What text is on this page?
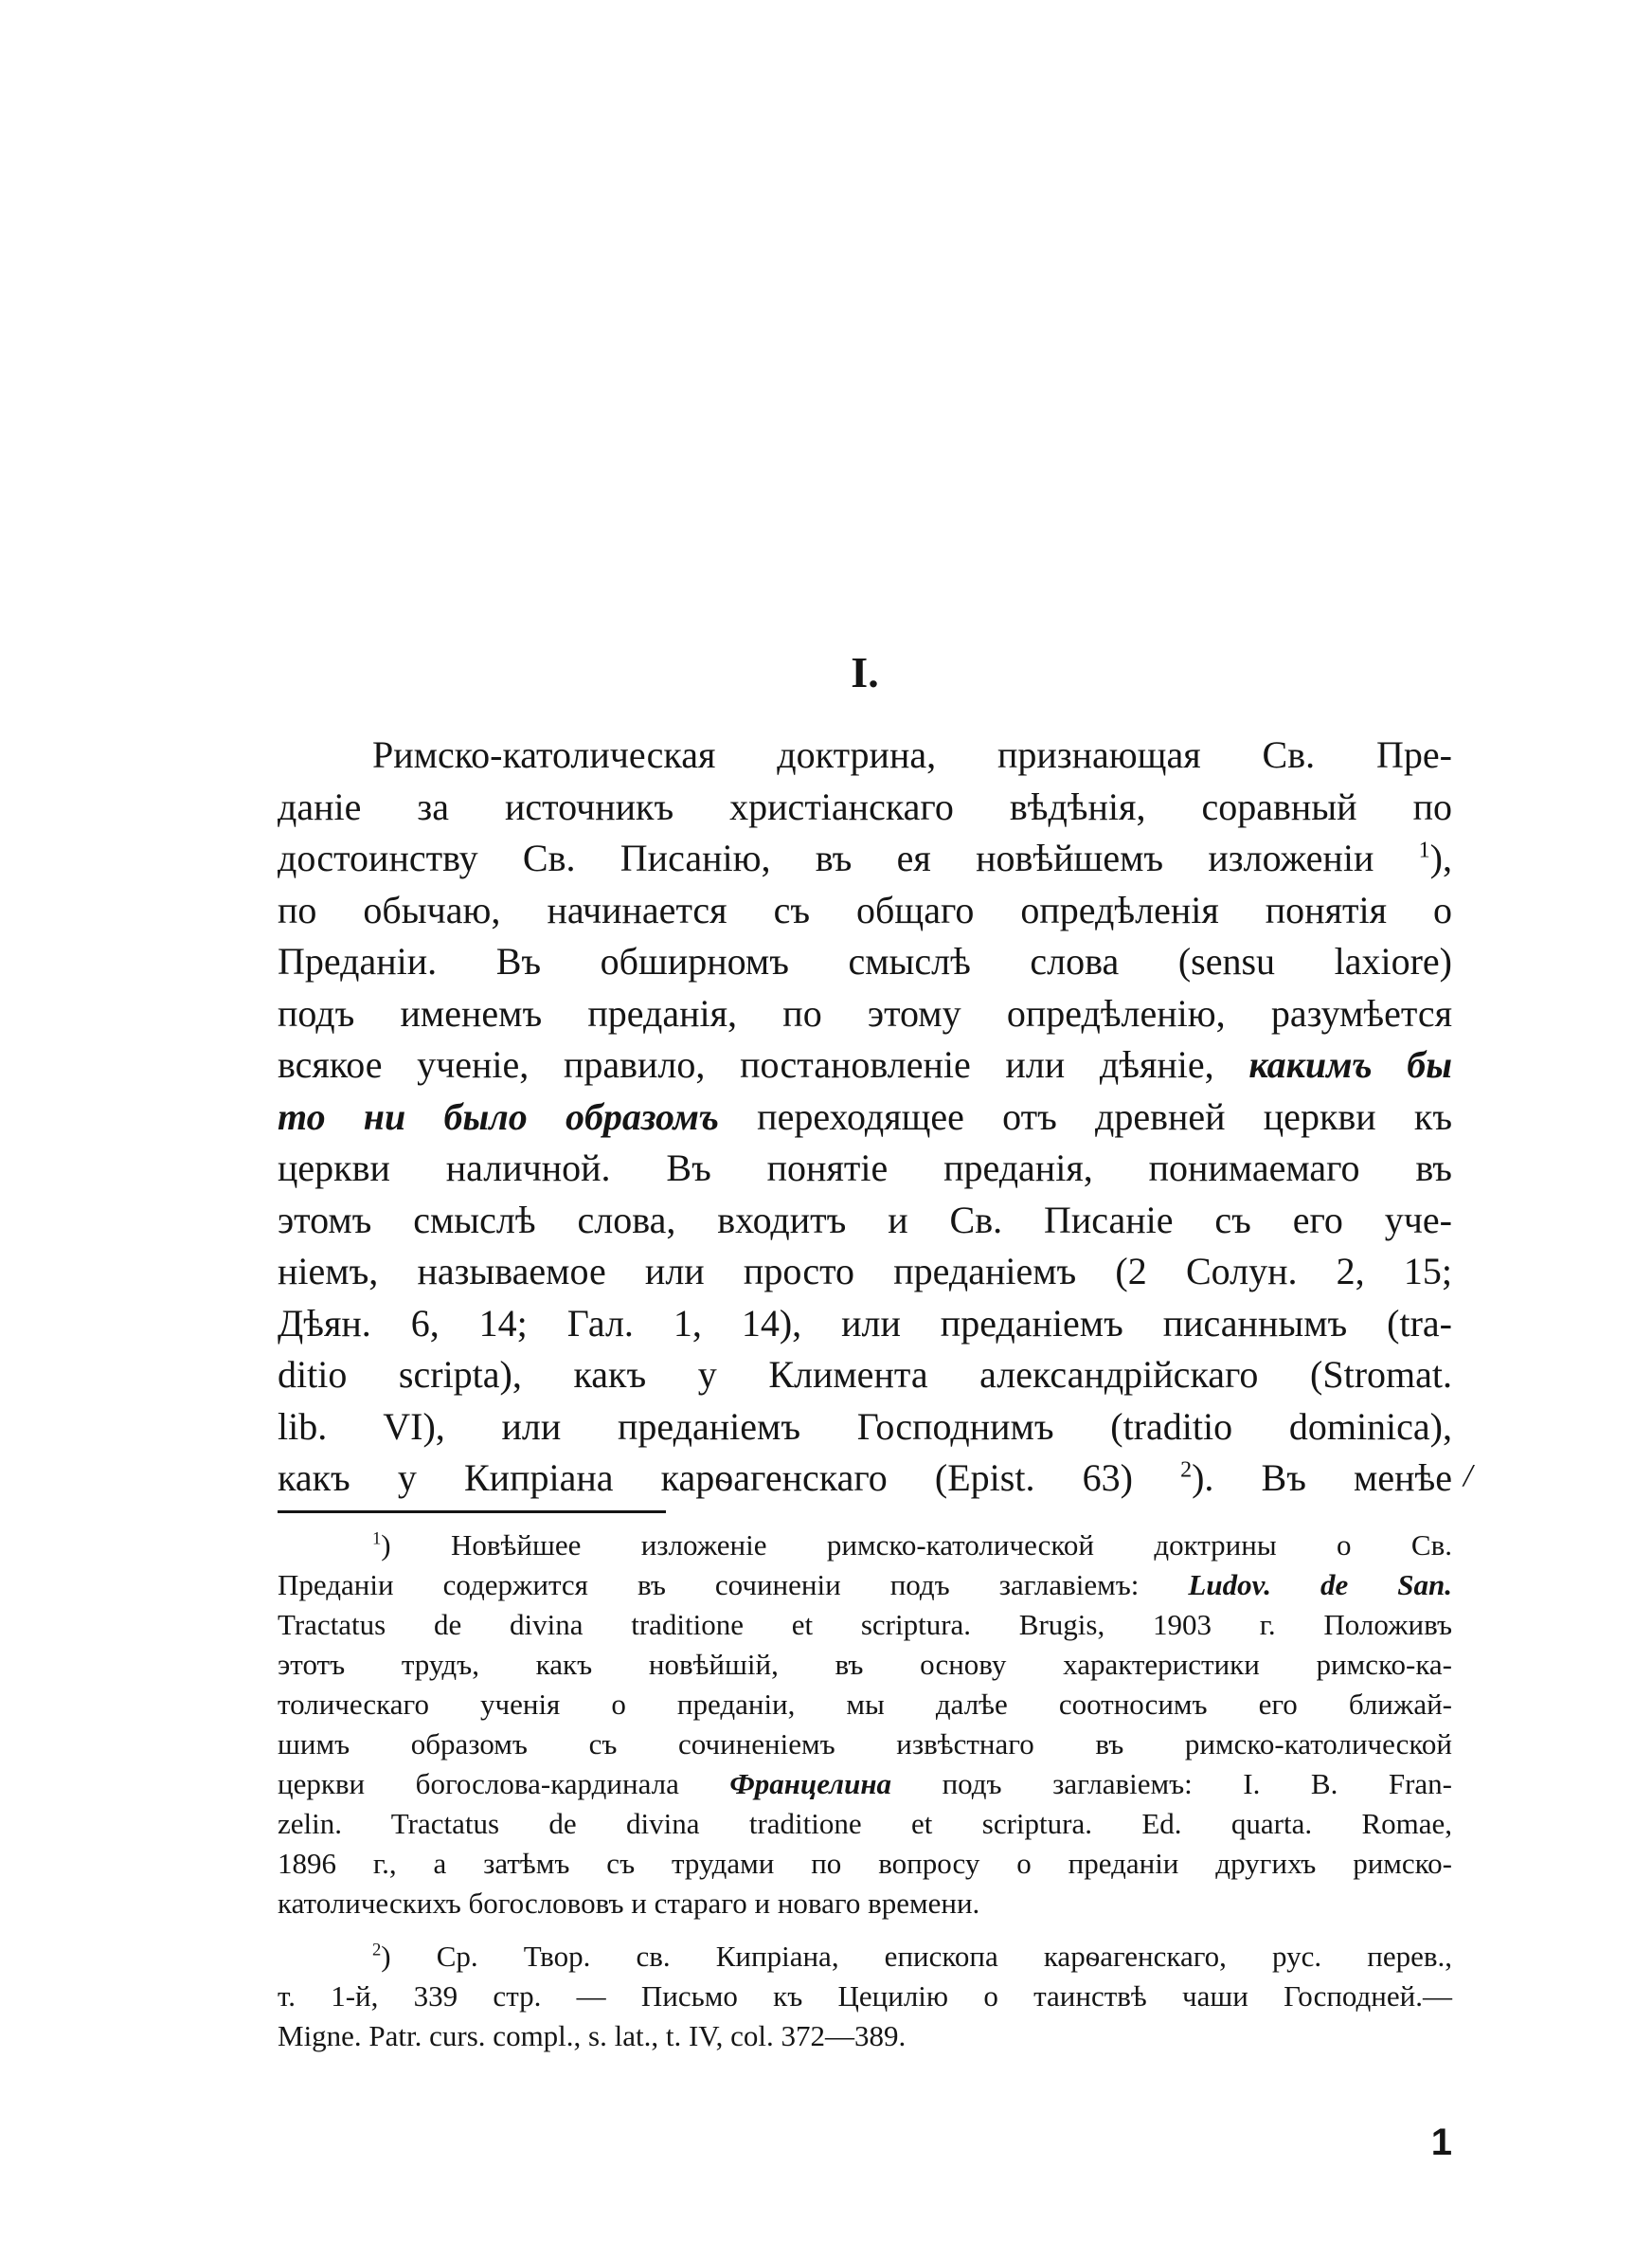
I.
Римско-католическая доктрина, признающая Св. Пре-
даніе за источникъ христіанскаго вѣдѣнія, соравный по
достоинству Св. Писанію, въ ея новѣйшемъ изложеніи $^1$),
по обычаю, начинается съ общаго опредѣленія понятія о
Преданіи. Въ обширномъ смыслѣ слова (sensu laxiore)
подъ именемъ преданія, по этому опредѣленію, разумѣется
всякое ученіе, правило, постановленіе или дѣяніе, какимъ бы
то ни было образомъ переходящее отъ древней церкви къ
церкви наличной. Въ понятіе преданія, понимаемаго въ
этомъ смыслѣ слова, входитъ и Св. Писаніе съ его уче-
ніемъ, называемое или просто преданіемъ (2 Солун. 2, 15;
Дѣян. 6, 14; Гал. 1, 14), или преданіемъ писаннымъ (tra-
ditio scripta), какъ у Климента александрійскаго (Stromat.
lib. VI), или преданіемъ Господнимъ (traditio dominica),
какъ у Кипріана карѳагенскаго (Epist. 63) $^2$). Въ менѣе /
$^1$) Новѣйшее изложеніе римско-католической доктрины о Св.
Преданіи содержится въ сочиненіи подъ заглавіемъ: Ludov. de San.
Tractatus de divina traditione et scriptura. Brugis, 1903 г. Положивъ
этотъ трудъ, какъ новѣйшій, въ основу характеристики римско-ка-
толическаго ученія о преданіи, мы далѣе соотносимъ его ближай-
шимъ образомъ съ сочиненіемъ извѣстнаго въ римско-католической
церкви богослова-кардинала Францелина подъ заглавіемъ: I. B. Fran-
zelin. Tractatus de divina traditione et scriptura. Ed. quarta. Romae,
1896 г., а затѣмъ съ трудами по вопросу о преданіи другихъ римско-
католическихъ богослововъ и стараго и новаго времени.
$^2$) Ср. Твор. св. Кипріана, епископа карѳагенскаго, рус. перев.,
т. 1-й, 339 стр. — Письмо къ Цецилію о таинствѣ чаши Господней.—
Migne. Patr. curs. compl., s. lat., t. IV, col. 372—389.
1
